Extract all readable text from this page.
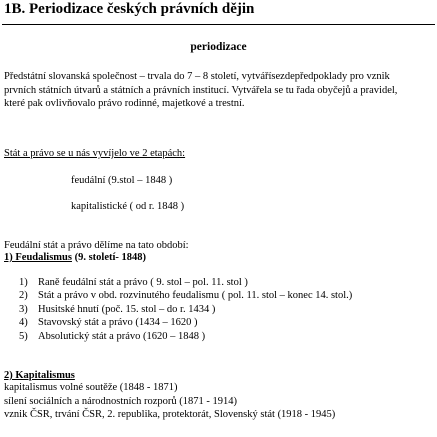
1B. Periodizace českých právních dějin
periodizace

Předstátní slovanská společnost – trvala do 7 – 8 století, vytvářísezdepředpoklady pro vznik

prvních státních útvarů a státních a právních institucí. Vytvářela se tu řada obyčejů a pravidel,

které pak ovlivňovalo právo rodinné, majetkové a trestní.

Stát a právo se u nás vyvíjelo ve 2 etapách:
feudální (9.stol – 1848 )
kapitalistické ( od r. 1848 )
Feudální stát a právo dělíme na tato období:
1) Feudalismus (9. století- 1848)
1) Raně feudální stát a právo ( 9. stol – pol. 11. stol )
2) Stát a právo v obd. rozvinutého feudalismu ( pol. 11. stol – konec 14. stol.)
3) Husitské hnutí (poč. 15. stol – do r. 1434 )
4) Stavovský stát a právo (1434 – 1620 )
5) Absolutický stát a právo (1620 – 1848 )
2) Kapitalismus
kapitalismus volné soutěže (1848 - 1871)
sílení sociálních a národnostních rozporů (1871 - 1914)
vznik ČSR, trvání ČSR, 2. republika, protektorát, Slovenský stát (1918 - 1945)
